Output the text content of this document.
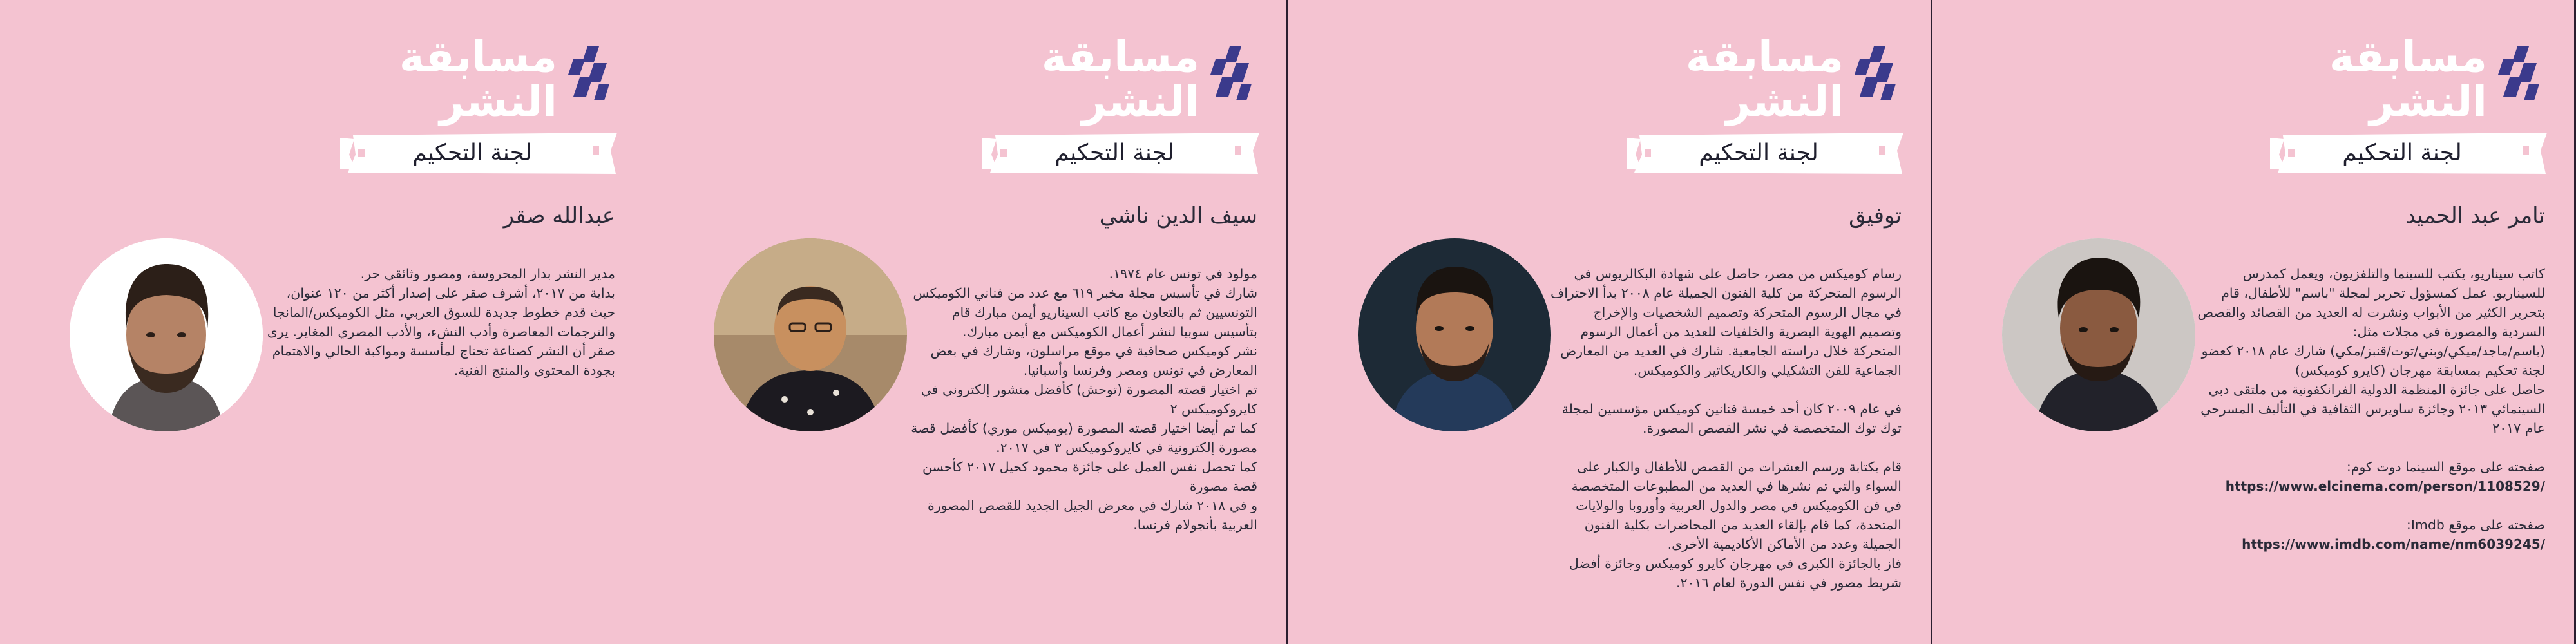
مسابقة
النشر
لجنة التحكيم
عبدالله صقر

مدير النشر بدار المحروسة، ومصور وثائقي حر.

بداية من ٢٠١٧، أشرف صقر على إصدار أكثر من ١٢٠ عنوان، حيث قدم خطوط جديدة للسوق العربي، مثل الكوميكس/المانجا والترجمات المعاصرة وأدب النشء، والأدب المصري المغاير. يرى صقر أن النشر كصناعة تحتاج لمأسسة ومواكبة الحالي والاهتمام بجودة المحتوى والمنتج الفنية.

مسابقة
النشر
لجنة التحكيم
سيف الدين ناشي

مولود في تونس عام ١٩٧٤.

شارك في تأسيس مجلة مخبر ٦١٩ مع عدد من فناني الكوميكس التونسيين ثم بالتعاون مع كاتب السيناريو أيمن مبارك قام بتأسيس سوبيا لنشر أعمال الكوميكس مع أيمن مبارك.

نشر كوميكس صحافية في موقع مراسلون، وشارك في بعض المعارض في تونس ومصر وفرنسا وأسبانيا.

تم اختيار قصته المصورة (توحش) كأفضل منشور إلكتروني في كايروكوميكس ٢

كما تم أيضا اختيار قصته المصورة (يوميكس موري) كأفضل قصة مصورة إلكترونية في كايروكوميكس ٣ في ٢٠١٧.

كما تحصل نفس العمل على جائزة محمود كحيل ٢٠١٧ كأحسن قصة مصورة

و في ٢٠١٨ شارك في معرض الجيل الجديد للقصص المصورة العربية بأنجولام فرنسا.

مسابقة
النشر
لجنة التحكيم
توفيق

رسام كوميكس من مصر، حاصل على شهادة البكالريوس في الرسوم المتحركة من كلية الفنون الجميلة عام ٢٠٠٨ بدأ الاحتراف في مجال الرسوم المتحركة وتصميم الشخصيات والإخراج وتصميم الهوية البصرية والخلفيات للعديد من أعمال الرسوم المتحركة خلال دراسته الجامعية. شارك في العديد من المعارض الجماعية للفن التشكيلي والكاريكاتير والكوميكس.

في عام ٢٠٠٩ كان أحد خمسة فنانين كوميكس مؤسسين لمجلة توك توك المتخصصة في نشر القصص المصورة.

قام بكتابة ورسم العشرات من القصص للأطفال والكبار على السواء والتي تم نشرها في العديد من المطبوعات المتخصصة في فن الكوميكس في مصر والدول العربية وأوروبا والولايات المتحدة، كما قام بإلقاء العديد من المحاضرات بكلية الفنون الجميلة وعدد من الأماكن الأكاديمية الأخرى.

فاز بالجائزة الكبرى في مهرجان كايرو كوميكس وجائزة أفضل شريط مصور في نفس الدورة لعام ٢٠١٦.

مسابقة
النشر
لجنة التحكيم
تامر عبد الحميد

كاتب سيناريو، يكتب للسينما والتلفزيون، ويعمل كمدرس للسيناريو. عمل كمسؤول تحرير لمجلة "باسم" للأطفال، قام بتحرير الكثير من الأبواب ونشرت له العديد من القصائد والقصص السردية والمصورة في مجلات مثل:

(باسم/ماجد/ميكي/وبني/توت/قنبز/مكي) شارك عام ٢٠١٨ كعضو لجنة تحكيم بمسابقة مهرجان (كايرو كوميكس)

حاصل على جائزة المنظمة الدولية الفرانكفونية من ملتقى دبي السينمائي ٢٠١٣ وجائزة ساويرس الثقافية في التأليف المسرحي عام ٢٠١٧

صفحته على موقع السينما دوت كوم:

https://www.elcinema.com/person/1108529/

صفحته على موقع Imdb:

https://www.imdb.com/name/nm6039245/
